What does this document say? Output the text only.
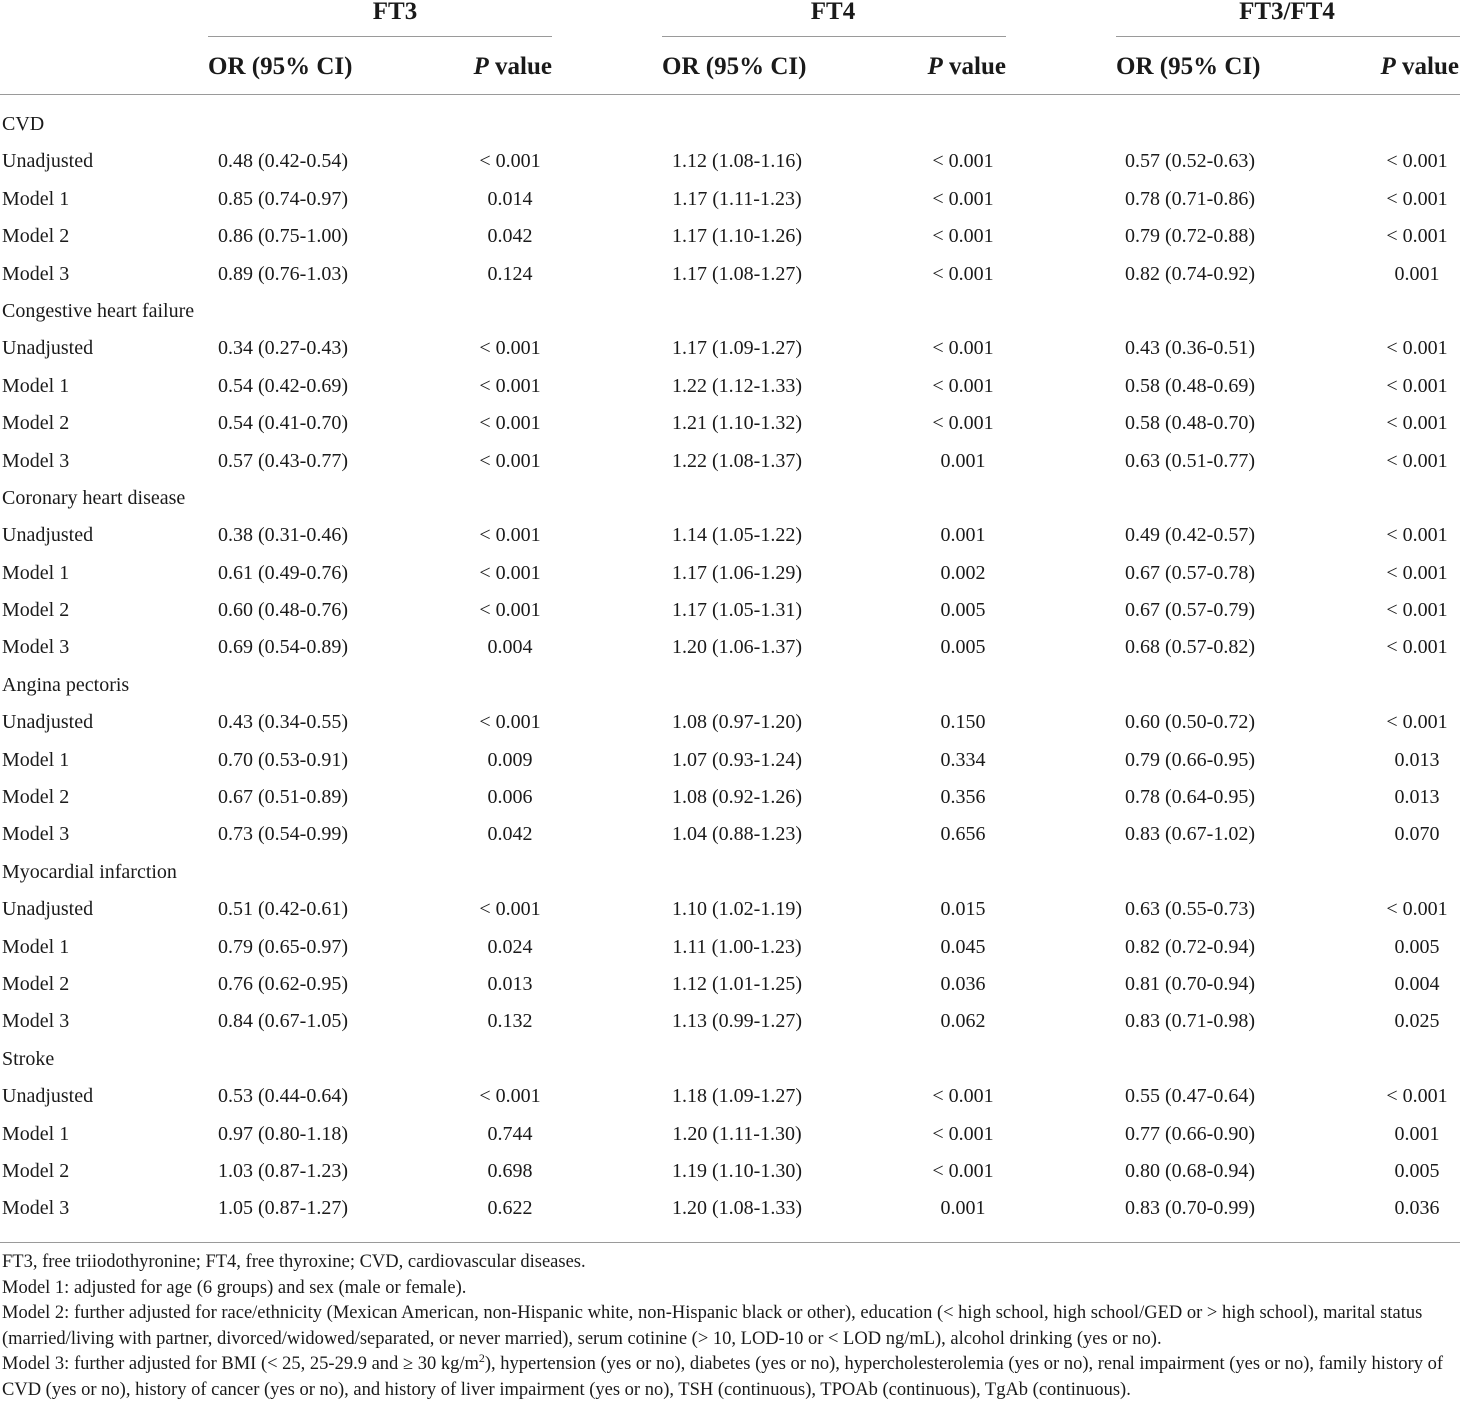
FT3	FT4	FT3/FT4
OR (95% CI)	P value	OR (95% CI)	P value	OR (95% CI)	P value
CVD
Unadjusted	0.48 (0.42-0.54)	< 0.001	1.12 (1.08-1.16)	< 0.001	0.57 (0.52-0.63)	< 0.001
Model 1	0.85 (0.74-0.97)	0.014	1.17 (1.11-1.23)	< 0.001	0.78 (0.71-0.86)	< 0.001
Model 2	0.86 (0.75-1.00)	0.042	1.17 (1.10-1.26)	< 0.001	0.79 (0.72-0.88)	< 0.001
Model 3	0.89 (0.76-1.03)	0.124	1.17 (1.08-1.27)	< 0.001	0.82 (0.74-0.92)	0.001
Congestive heart failure
Unadjusted	0.34 (0.27-0.43)	< 0.001	1.17 (1.09-1.27)	< 0.001	0.43 (0.36-0.51)	< 0.001
Model 1	0.54 (0.42-0.69)	< 0.001	1.22 (1.12-1.33)	< 0.001	0.58 (0.48-0.69)	< 0.001
Model 2	0.54 (0.41-0.70)	< 0.001	1.21 (1.10-1.32)	< 0.001	0.58 (0.48-0.70)	< 0.001
Model 3	0.57 (0.43-0.77)	< 0.001	1.22 (1.08-1.37)	0.001	0.63 (0.51-0.77)	< 0.001
Coronary heart disease
Unadjusted	0.38 (0.31-0.46)	< 0.001	1.14 (1.05-1.22)	0.001	0.49 (0.42-0.57)	< 0.001
Model 1	0.61 (0.49-0.76)	< 0.001	1.17 (1.06-1.29)	0.002	0.67 (0.57-0.78)	< 0.001
Model 2	0.60 (0.48-0.76)	< 0.001	1.17 (1.05-1.31)	0.005	0.67 (0.57-0.79)	< 0.001
Model 3	0.69 (0.54-0.89)	0.004	1.20 (1.06-1.37)	0.005	0.68 (0.57-0.82)	< 0.001
Angina pectoris
Unadjusted	0.43 (0.34-0.55)	< 0.001	1.08 (0.97-1.20)	0.150	0.60 (0.50-0.72)	< 0.001
Model 1	0.70 (0.53-0.91)	0.009	1.07 (0.93-1.24)	0.334	0.79 (0.66-0.95)	0.013
Model 2	0.67 (0.51-0.89)	0.006	1.08 (0.92-1.26)	0.356	0.78 (0.64-0.95)	0.013
Model 3	0.73 (0.54-0.99)	0.042	1.04 (0.88-1.23)	0.656	0.83 (0.67-1.02)	0.070
Myocardial infarction
Unadjusted	0.51 (0.42-0.61)	< 0.001	1.10 (1.02-1.19)	0.015	0.63 (0.55-0.73)	< 0.001
Model 1	0.79 (0.65-0.97)	0.024	1.11 (1.00-1.23)	0.045	0.82 (0.72-0.94)	0.005
Model 2	0.76 (0.62-0.95)	0.013	1.12 (1.01-1.25)	0.036	0.81 (0.70-0.94)	0.004
Model 3	0.84 (0.67-1.05)	0.132	1.13 (0.99-1.27)	0.062	0.83 (0.71-0.98)	0.025
Stroke
Unadjusted	0.53 (0.44-0.64)	< 0.001	1.18 (1.09-1.27)	< 0.001	0.55 (0.47-0.64)	< 0.001
Model 1	0.97 (0.80-1.18)	0.744	1.20 (1.11-1.30)	< 0.001	0.77 (0.66-0.90)	0.001
Model 2	1.03 (0.87-1.23)	0.698	1.19 (1.10-1.30)	< 0.001	0.80 (0.68-0.94)	0.005
Model 3	1.05 (0.87-1.27)	0.622	1.20 (1.08-1.33)	0.001	0.83 (0.70-0.99)	0.036
FT3, free triiodothyronine; FT4, free thyroxine; CVD, cardiovascular diseases.
Model 1: adjusted for age (6 groups) and sex (male or female).
Model 2: further adjusted for race/ethnicity (Mexican American, non-Hispanic white, non-Hispanic black or other), education (< high school, high school/GED or > high school), marital status (married/living with partner, divorced/widowed/separated, or never married), serum cotinine (> 10, LOD-10 or < LOD ng/mL), alcohol drinking (yes or no).
Model 3: further adjusted for BMI (< 25, 25-29.9 and ≥ 30 $kg/m^2$), hypertension (yes or no), diabetes (yes or no), hypercholesterolemia (yes or no), renal impairment (yes or no), family history of CVD (yes or no), history of cancer (yes or no), and history of liver impairment (yes or no), TSH (continuous), TPOAb (continuous), TgAb (continuous).
